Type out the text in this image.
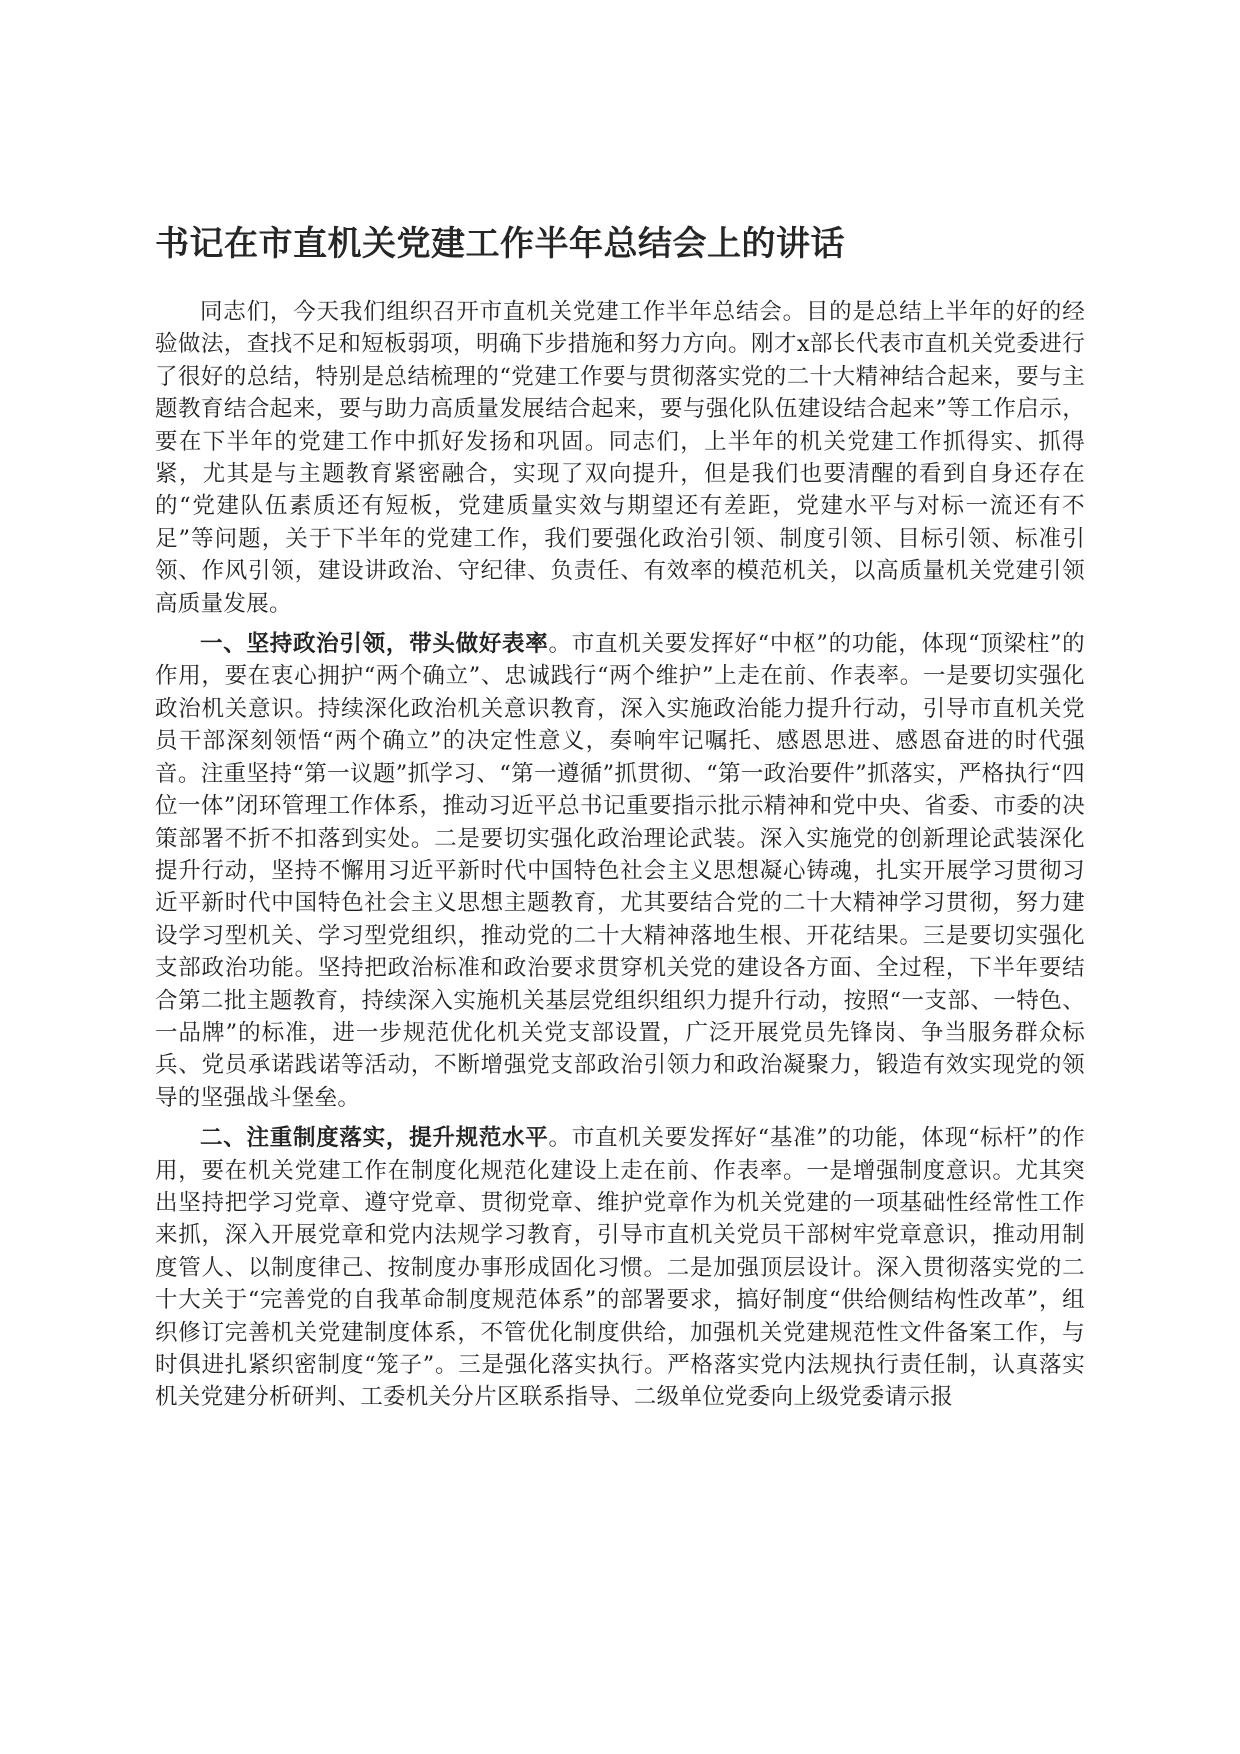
书记在市直机关党建工作半年总结会上的讲话

同志们，今天我们组织召开市直机关党建工作半年总结会。目的是总结上半年的好的经验做法，查找不足和短板弱项，明确下步措施和努力方向。刚才x部长代表市直机关党委进行了很好的总结，特别是总结梳理的“党建工作要与贯彻落实党的二十大精神结合起来，要与主题教育结合起来，要与助力高质量发展结合起来，要与强化队伍建设结合起来”等工作启示，要在下半年的党建工作中抓好发扬和巩固。同志们，上半年的机关党建工作抓得实、抓得紧，尤其是与主题教育紧密融合，实现了双向提升，但是我们也要清醒的看到自身还存在的“党建队伍素质还有短板，党建质量实效与期望还有差距，党建水平与对标一流还有不足”等问题，关于下半年的党建工作，我们要强化政治引领、制度引领、目标引领、标准引领、作风引领，建设讲政治、守纪律、负责任、有效率的模范机关，以高质量机关党建引领高质量发展。

一、坚持政治引领，带头做好表率。市直机关要发挥好“中枢”的功能，体现“顶梁柱”的作用，要在衷心拥护“两个确立”、忠诚践行“两个维护”上走在前、作表率。一是要切实强化政治机关意识。持续深化政治机关意识教育，深入实施政治能力提升行动，引导市直机关党员干部深刻领悟“两个确立”的决定性意义，奏响牢记嘱托、感恩思进、感恩奋进的时代强音。注重坚持“第一议题”抓学习、“第一遵循”抓贯彻、“第一政治要件”抓落实，严格执行“四位一体”闭环管理工作体系，推动习近平总书记重要指示批示精神和党中央、省委、市委的决策部署不折不扣落到实处。二是要切实强化政治理论武装。深入实施党的创新理论武装深化提升行动，坚持不懈用习近平新时代中国特色社会主义思想凝心铸魂，扎实开展学习贯彻习近平新时代中国特色社会主义思想主题教育，尤其要结合党的二十大精神学习贯彻，努力建设学习型机关、学习型党组织，推动党的二十大精神落地生根、开花结果。三是要切实强化支部政治功能。坚持把政治标准和政治要求贯穿机关党的建设各方面、全过程，下半年要结合第二批主题教育，持续深入实施机关基层党组织组织力提升行动，按照“一支部、一特色、一品牌”的标准，进一步规范优化机关党支部设置，广泛开展党员先锋岗、争当服务群众标兵、党员承诺践诺等活动，不断增强党支部政治引领力和政治凝聚力，锻造有效实现党的领导的坚强战斗堡垒。

二、注重制度落实，提升规范水平。市直机关要发挥好“基准”的功能，体现“标杆”的作用，要在机关党建工作在制度化规范化建设上走在前、作表率。一是增强制度意识。尤其突出坚持把学习党章、遵守党章、贯彻党章、维护党章作为机关党建的一项基础性经常性工作来抓，深入开展党章和党内法规学习教育，引导市直机关党员干部树牢党章意识，推动用制度管人、以制度律己、按制度办事形成固化习惯。二是加强顶层设计。深入贯彻落实党的二十大关于“完善党的自我革命制度规范体系”的部署要求，搞好制度“供给侧结构性改革”，组织修订完善机关党建制度体系，不管优化制度供给，加强机关党建规范性文件备案工作，与时俱进扎紧织密制度“笼子”。三是强化落实执行。严格落实党内法规执行责任制，认真落实机关党建分析研判、工委机关分片区联系指导、二级单位党委向上级党委请示报
